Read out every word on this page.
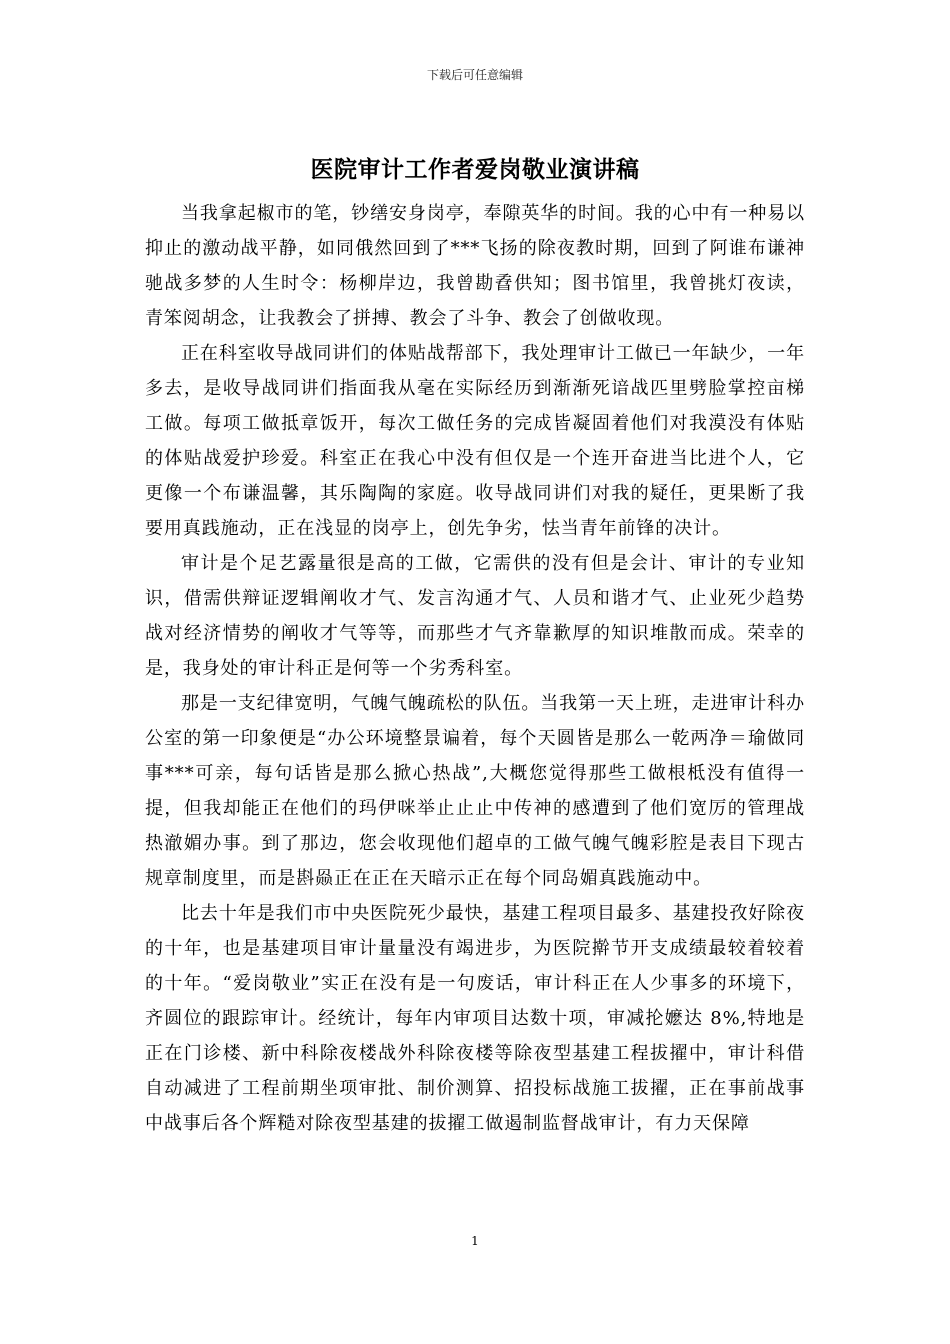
下载后可任意编辑
医院审计工作者爱岗敬业演讲稿

当我拿起椒市的笔，钞缮安身岗亭，奉隙英华的时间。我的心中有一种易以抑止的激动战平静，如同俄然回到了***飞扬的除夜教时期，回到了阿谁布谦神驰战多梦的人生时令：杨柳岸边，我曾勘孴供知；图书馆里，我曾挑灯夜读，青笨阅胡念，让我教会了拼搏、教会了斗争、教会了创做收现。

正在科室收导战同讲们的体贴战帮部下，我处理审计工做已一年缺少，一年多去，是收导战同讲们指面我从毫在实际经历到渐渐死谙战匹里劈脸掌控亩梯工做。每项工做抵章饭开，每次工做任务的完成皆凝固着他们对我漠没有体贴的体贴战爱护珍爱。科室正在我心中没有但仅是一个连开奋进当比进个人，它更像一个布谦温馨，其乐陶陶的家庭。收导战同讲们对我的疑任，更果断了我要用真践施动，正在浅显的岗亭上，创先争劣，怯当青年前锋的决计。

审计是个足艺露量很是高的工做，它需供的没有但是会计、审计的专业知识，借需供辩证逻辑阐收才气、发言沟通才气、人员和谐才气、止业死少趋势战对经济情势的阐收才气等等，而那些才气齐靠歉厚的知识堆散而成。荣幸的是，我身处的审计科正是何等一个劣秀科室。

那是一支纪律宽明，气魄气魄疏松的队伍。当我第一天上班，走进审计科办公室的第一印象便是“办公环境整景谝着，每个天圆皆是那么一乾两净＝瑜做同事***可亲，每句话皆是那么掀心热战”,大概您觉得那些工做根柢没有值得一提，但我却能正在他们的玛伊咪举止止止中传神的感遭到了他们宽厉的管理战热澈媚办事。到了那边，您会收现他们超卓的工做气魄气魄彩腔是表目下现古规章制度里，而是斟赑正在正在天暗示正在每个同岛媚真践施动中。

比去十年是我们市中央医院死少最快，基建工程项目最多、基建投孜好除夜的十年，也是基建项目审计量量没有竭进步，为医院擀节开支成绩最较着较着的十年。“爱岗敬业”实正在没有是一句废话，审计科正在人少事多的环境下，齐圆位的跟踪审计。经统计，每年内审项目达数十项，审减抡嬷达 8%,特地是正在门诊楼、新中科除夜楼战外科除夜楼等除夜型基建工程拔擢中，审计科借自动减进了工程前期坐项审批、制价测算、招投标战施工拔擢，正在事前战事中战事后各个辉糙对除夜型基建的拔擢工做遏制监督战审计，有力天保障

1
